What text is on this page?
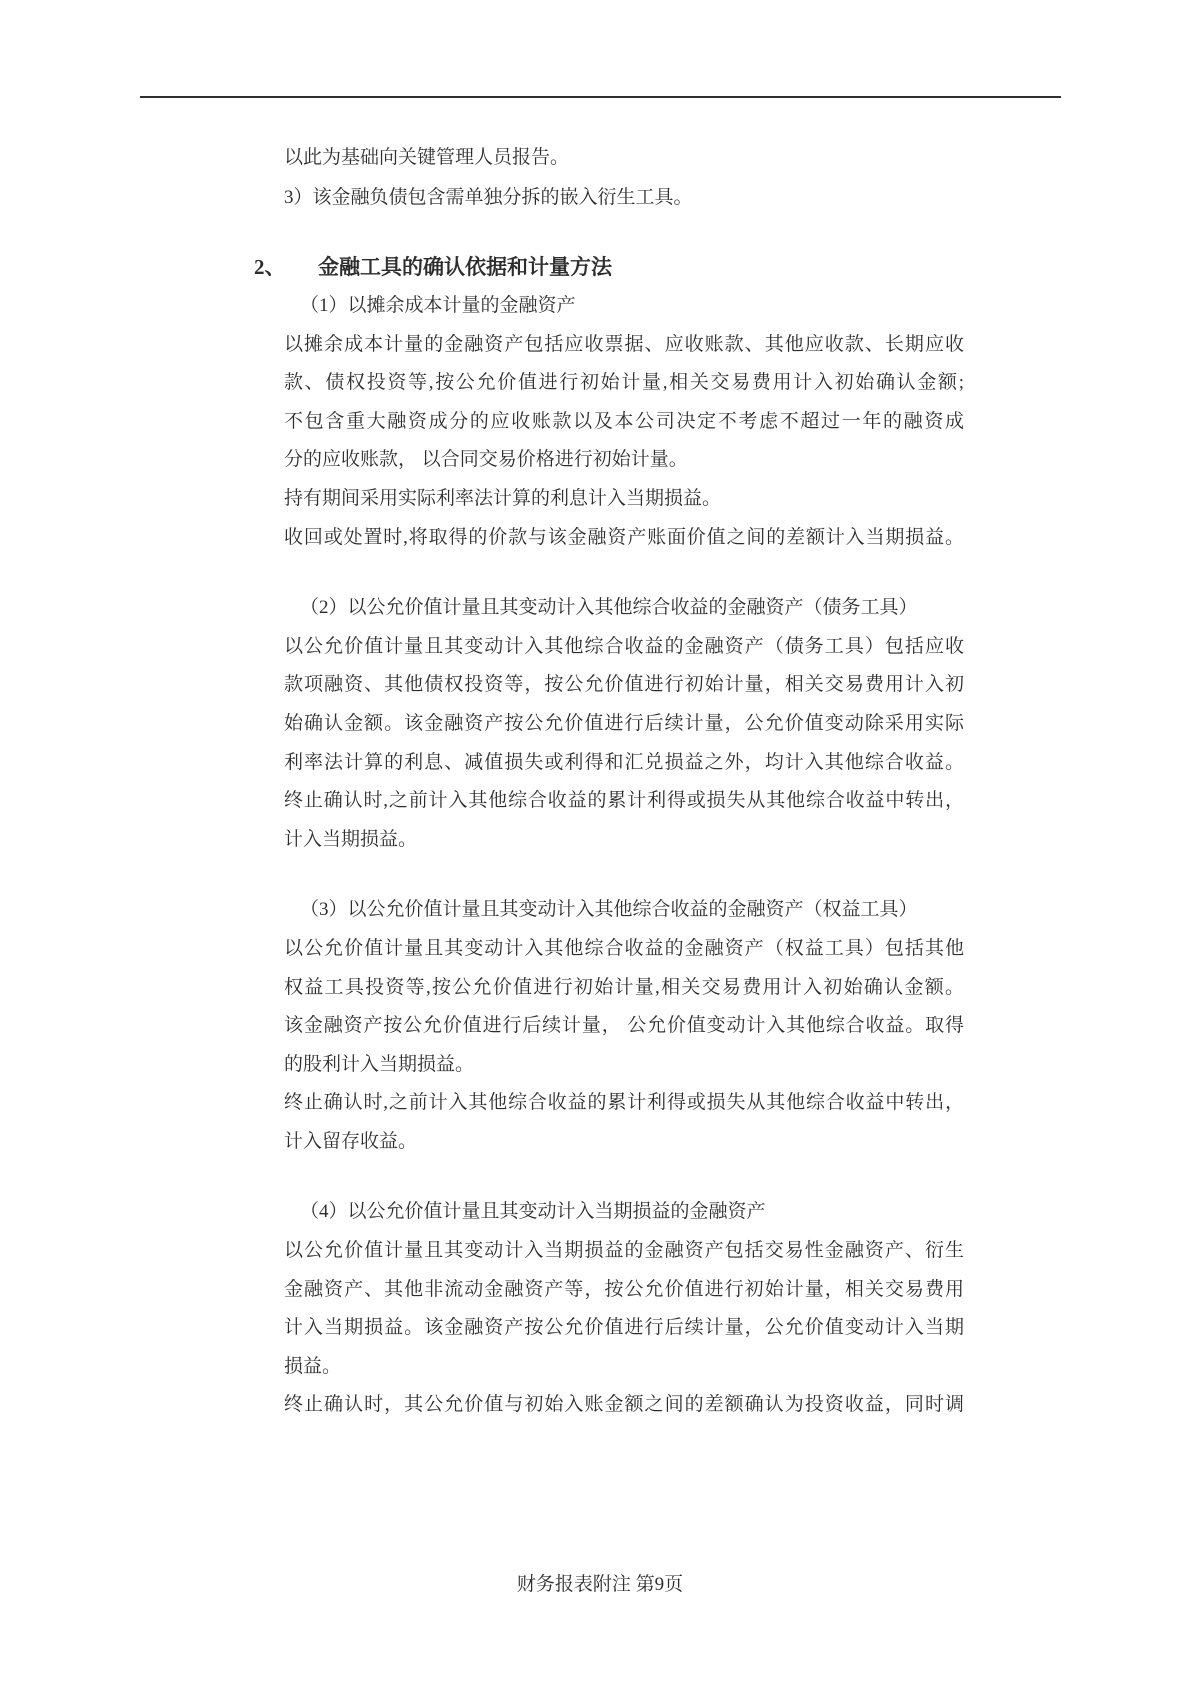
以此为基础向关键管理人员报告。
3）该金融负债包含需单独分拆的嵌入衍生工具。
2、 金融工具的确认依据和计量方法
（1）以摊余成本计量的金融资产
以摊余成本计量的金融资产包括应收票据、应收账款、其他应收款、长期应收
款、债权投资等,按公允价值进行初始计量,相关交易费用计入初始确认金额;
不包含重大融资成分的应收账款以及本公司决定不考虑不超过一年的融资成
分的应收账款， 以合同交易价格进行初始计量。
持有期间采用实际利率法计算的利息计入当期损益。
收回或处置时,将取得的价款与该金融资产账面价值之间的差额计入当期损益。
（2）以公允价值计量且其变动计入其他综合收益的金融资产（债务工具）
以公允价值计量且其变动计入其他综合收益的金融资产（债务工具）包括应收
款项融资、其他债权投资等，按公允价值进行初始计量，相关交易费用计入初
始确认金额。该金融资产按公允价值进行后续计量，公允价值变动除采用实际
利率法计算的利息、减值损失或利得和汇兑损益之外，均计入其他综合收益。
终止确认时,之前计入其他综合收益的累计利得或损失从其他综合收益中转出，
计入当期损益。
（3）以公允价值计量且其变动计入其他综合收益的金融资产（权益工具）
以公允价值计量且其变动计入其他综合收益的金融资产（权益工具）包括其他
权益工具投资等,按公允价值进行初始计量,相关交易费用计入初始确认金额。
该金融资产按公允价值进行后续计量， 公允价值变动计入其他综合收益。取得
的股利计入当期损益。
终止确认时,之前计入其他综合收益的累计利得或损失从其他综合收益中转出，
计入留存收益。
（4）以公允价值计量且其变动计入当期损益的金融资产
以公允价值计量且其变动计入当期损益的金融资产包括交易性金融资产、衍生
金融资产、其他非流动金融资产等，按公允价值进行初始计量，相关交易费用
计入当期损益。该金融资产按公允价值进行后续计量，公允价值变动计入当期
损益。
终止确认时，其公允价值与初始入账金额之间的差额确认为投资收益，同时调
财务报表附注 第9页
